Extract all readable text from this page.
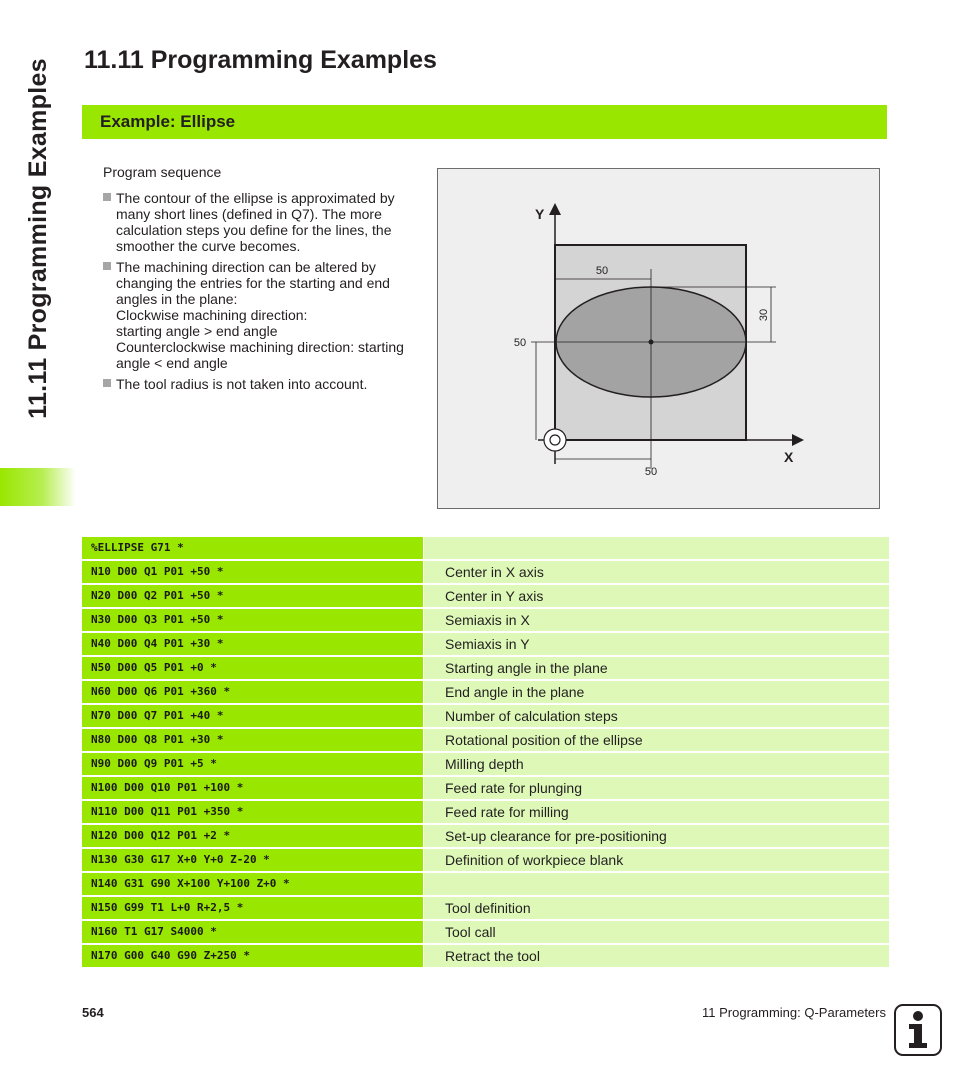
11.11 Programming Examples 11.11 Programming Examples
Example: Ellipse

Program sequence

The contour of the ellipse is approximated by
many short lines (defined in Q7). The more
calculation steps you define for the lines, the
smoother the curve becomes.
The machining direction can be altered by
changing the entries for the starting and end
angles in the plane:
Clockwise machining direction:
starting angle > end angle
Counterclockwise machining direction: starting
angle < end angle
The tool radius is not taken into account.
50
30
50
50
Y
X
%ELLIPSE G71 *
N10 D00 Q1 P01 +50 *	Center in X axis
N20 D00 Q2 P01 +50 *	Center in Y axis
N30 D00 Q3 P01 +50 *	Semiaxis in X
N40 D00 Q4 P01 +30 *	Semiaxis in Y
N50 D00 Q5 P01 +0 *	Starting angle in the plane
N60 D00 Q6 P01 +360 *	End angle in the plane
N70 D00 Q7 P01 +40 *	Number of calculation steps
N80 D00 Q8 P01 +30 *	Rotational position of the ellipse
N90 D00 Q9 P01 +5 *	Milling depth
N100 D00 Q10 P01 +100 *	Feed rate for plunging
N110 D00 Q11 P01 +350 *	Feed rate for milling
N120 D00 Q12 P01 +2 *	Set-up clearance for pre-positioning
N130 G30 G17 X+0 Y+0 Z-20 *	Definition of workpiece blank
N140 G31 G90 X+100 Y+100 Z+0 *
N150 G99 T1 L+0 R+2,5 *	Tool definition
N160 T1 G17 S4000 *	Tool call
N170 G00 G40 G90 Z+250 *	Retract the tool
564	11 Programming: Q-Parameters
